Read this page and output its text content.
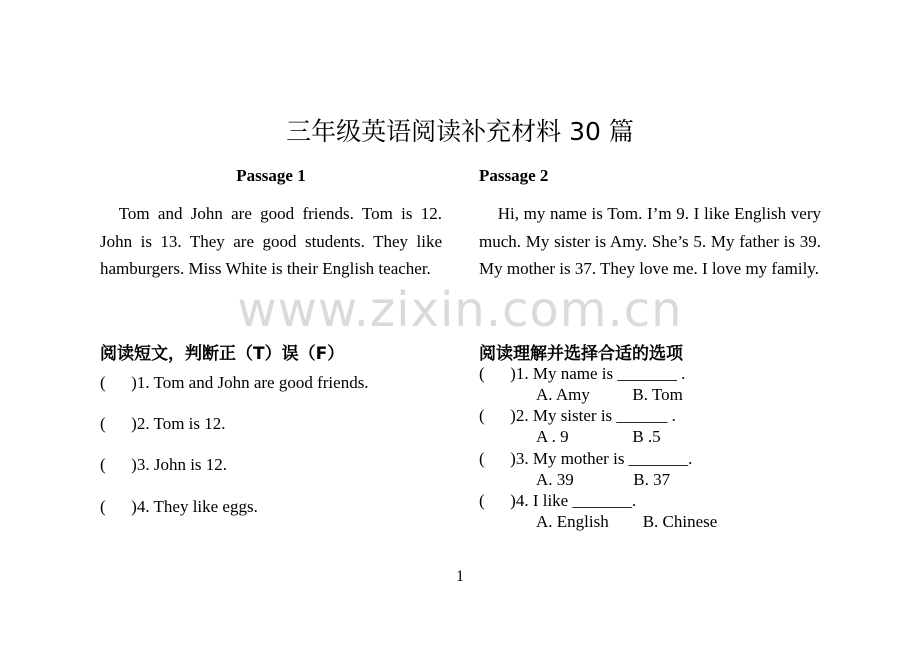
三年级英语阅读补充材料 30 篇
www.zixin.com.cn
Passage 1
Tom and John are good friends. Tom is 12. John is 13. They are good students. They like hamburgers. Miss White is their English teacher.
阅读短文，判断正（T）误（F）
(      )1. Tom and John are good friends.
(      )2. Tom is 12.
(      )3. John is 12.
(      )4. They like eggs.
Passage 2
Hi, my name is Tom. I’m 9. I like English very much. My sister is Amy. She’s 5. My father is 39. My mother is 37. They love me. I love my family.
阅读理解并选择合适的选项
(      )1. My name is _______ .
A. Amy          B. Tom
(      )2. My sister is ______ .
A . 9               B .5
(      )3. My mother is _______.
A. 39              B. 37
(      )4. I like _______.
A. English        B. Chinese
1
